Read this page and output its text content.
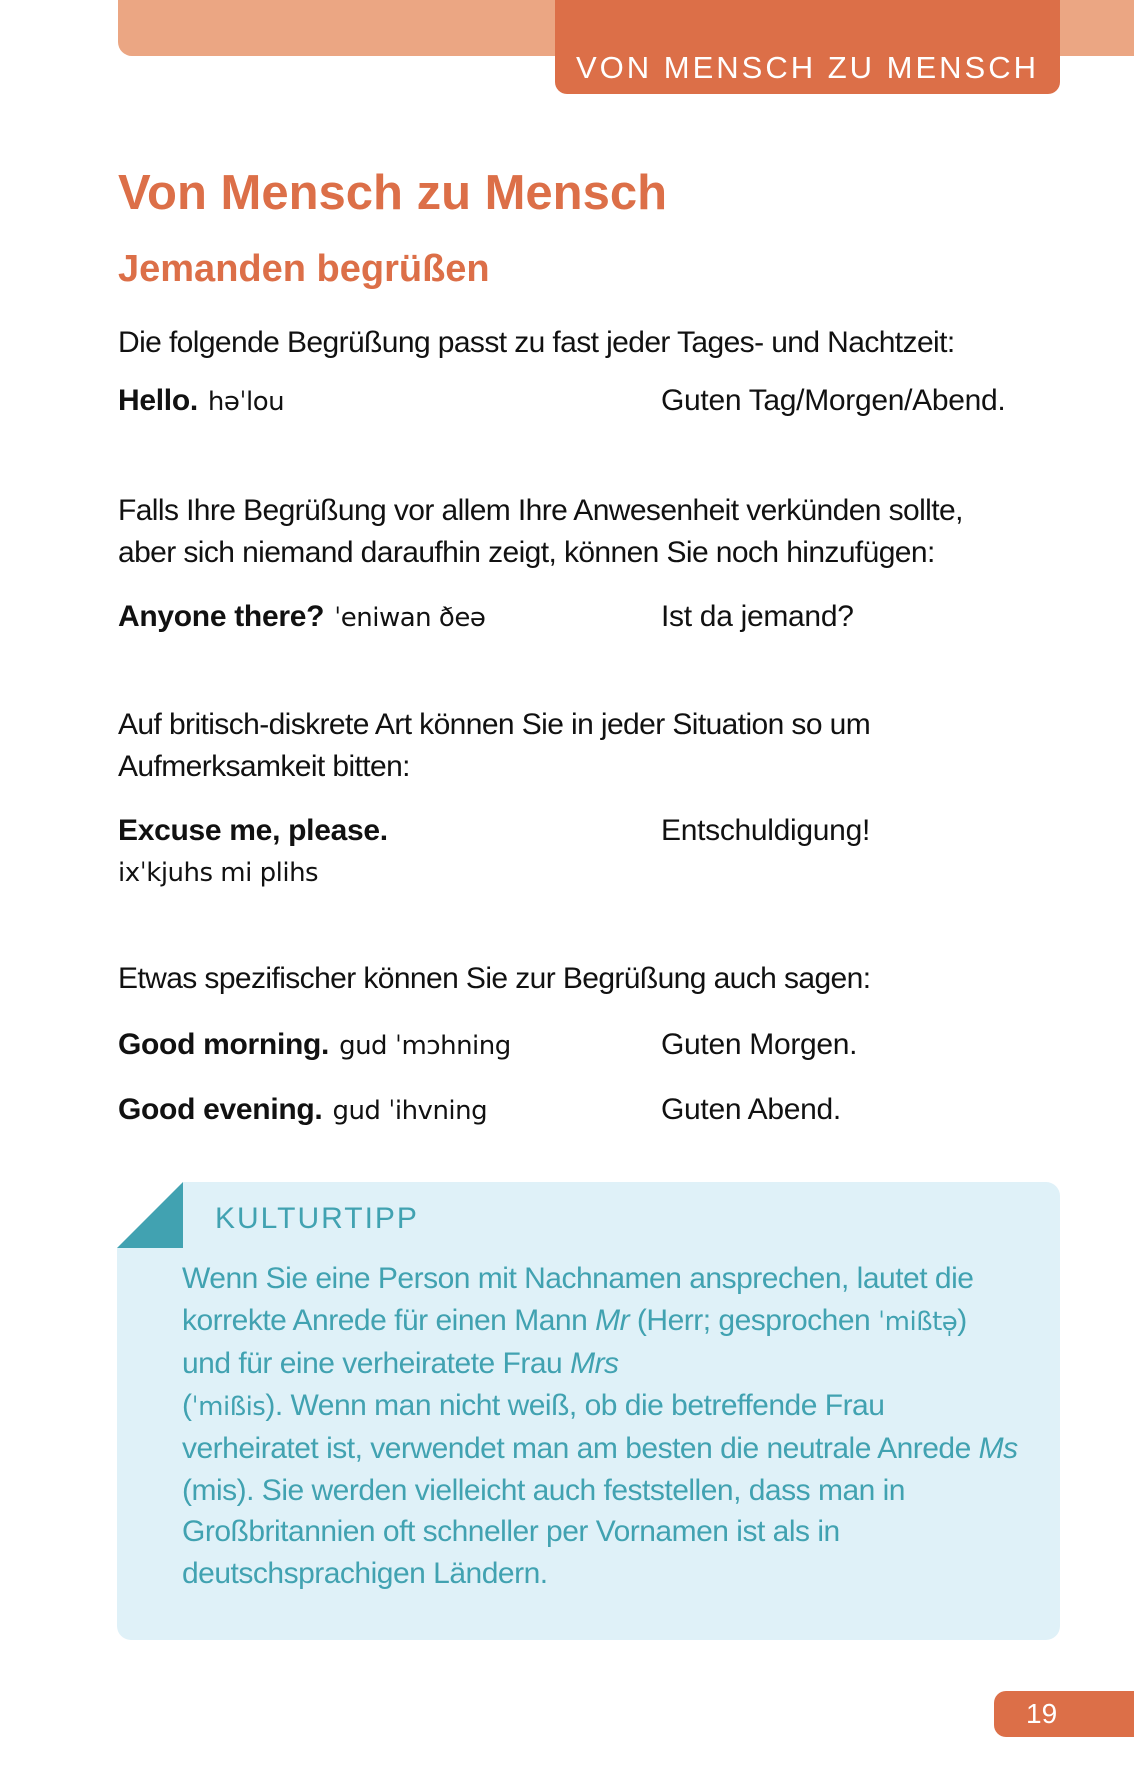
VON MENSCH ZU MENSCH
Von Mensch zu Mensch
Jemanden begrüßen

Die folgende Begrüßung passt zu fast jeder Tages- und Nachtzeit:

Hello. həˈlou	Guten Tag/Morgen/Abend.

Falls Ihre Begrüßung vor allem Ihre Anwesenheit verkünden sollte,
aber sich niemand daraufhin zeigt, können Sie noch hinzufügen:

Anyone there? ˈeniwan ðeə	Ist da jemand?

Auf britisch-diskrete Art können Sie in jeder Situation so um
Aufmerksamkeit bitten:

Excuse me, please.	Entschuldigung!
ixˈkjuhs mi plihs

Etwas spezifischer können Sie zur Begrüßung auch sagen:

Good morning. gud ˈmɔhning	Guten Morgen.
Good evening. gud ˈihvning	Guten Abend.
KULTURTIPP

Wenn Sie eine Person mit Nachnamen ansprechen, lautet die korrekte Anrede für einen Mann Mr (Herr; gesprochen ˈmißtə̩) und für eine verheiratete Frau Mrs
(ˈmißis). Wenn man nicht weiß, ob die betreffende Frau verheiratet ist, verwendet man am besten die neutrale Anrede Ms (mis). Sie werden vielleicht auch feststellen, dass man in Großbritannien oft schneller per Vornamen ist als in deutschsprachigen Ländern.

19
